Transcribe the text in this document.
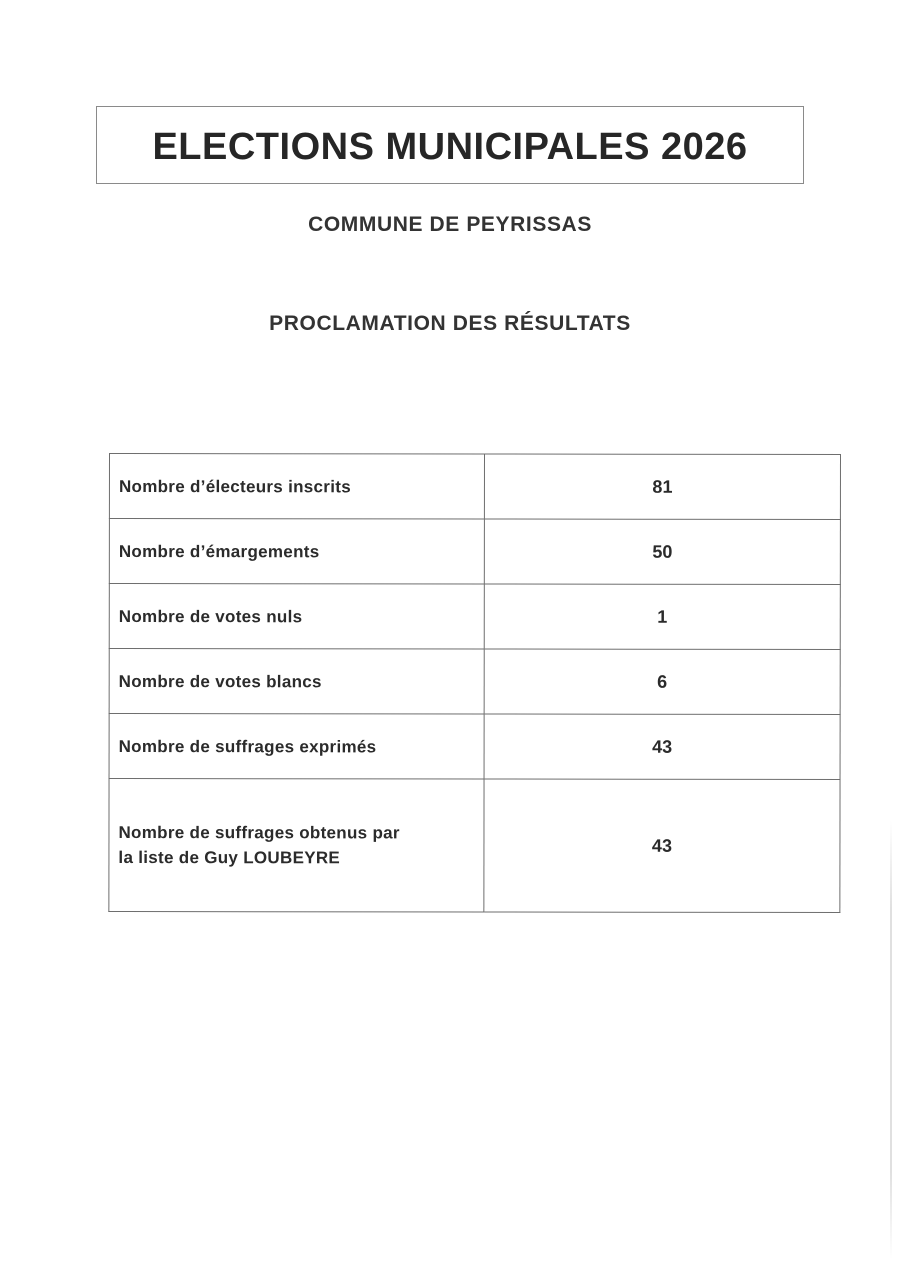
ELECTIONS MUNICIPALES 2026
COMMUNE DE PEYRISSAS
PROCLAMATION DES RÉSULTATS
Nombre d’électeurs inscrits	81
Nombre d’émargements	50
Nombre de votes nuls	1
Nombre de votes blancs	6
Nombre de suffrages exprimés	43
Nombre de suffrages obtenus par
la liste de Guy LOUBEYRE	43
